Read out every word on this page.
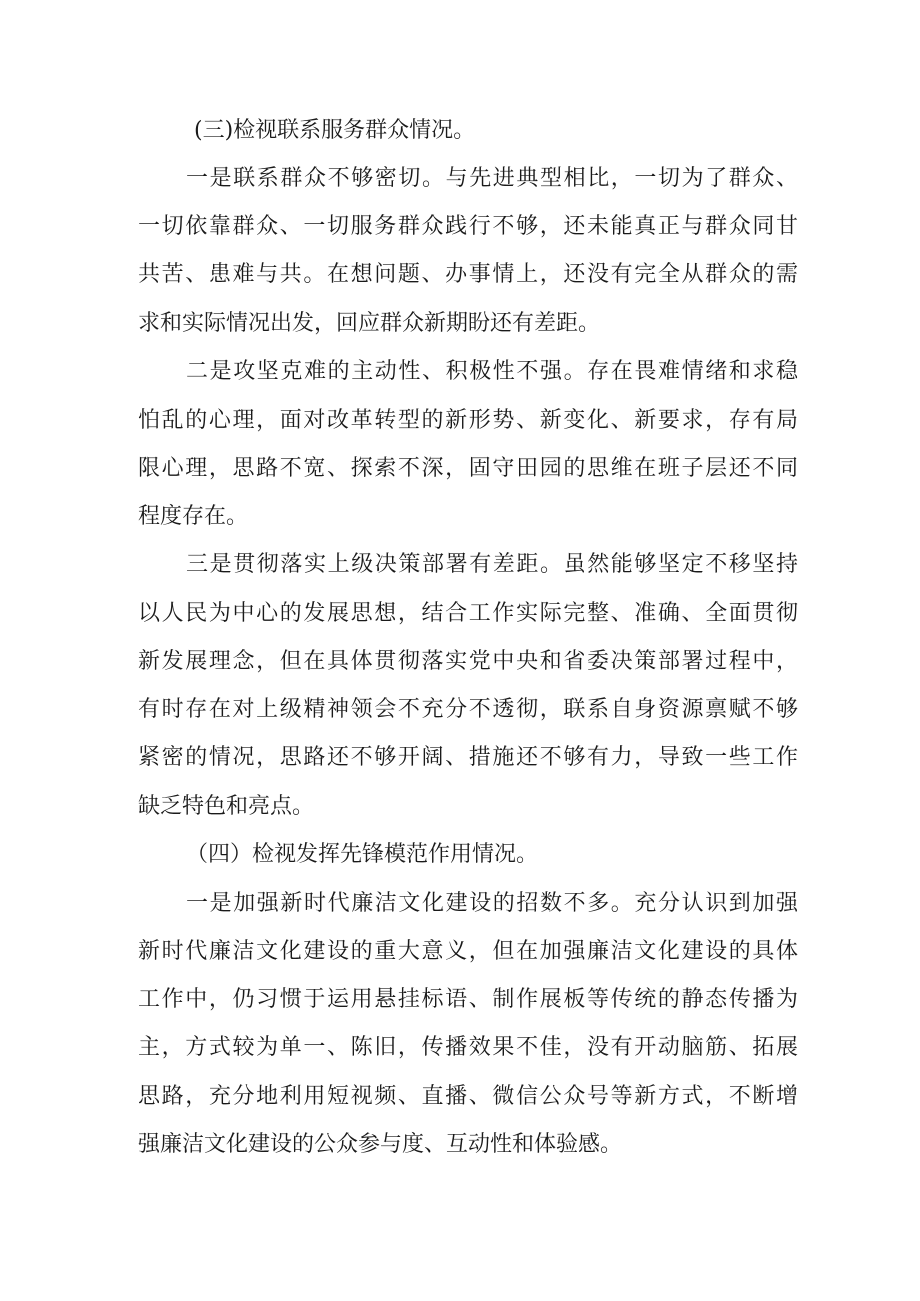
(三)检视联系服务群众情况。
一是联系群众不够密切。与先进典型相比，一切为了群众、
一切依靠群众、一切服务群众践行不够，还未能真正与群众同甘
共苦、患难与共。在想问题、办事情上，还没有完全从群众的需
求和实际情况出发，回应群众新期盼还有差距。
二是攻坚克难的主动性、积极性不强。存在畏难情绪和求稳
怕乱的心理，面对改革转型的新形势、新变化、新要求，存有局
限心理，思路不宽、探索不深，固守田园的思维在班子层还不同
程度存在。
三是贯彻落实上级决策部署有差距。虽然能够坚定不移坚持
以人民为中心的发展思想，结合工作实际完整、准确、全面贯彻
新发展理念，但在具体贯彻落实党中央和省委决策部署过程中，
有时存在对上级精神领会不充分不透彻，联系自身资源禀赋不够
紧密的情况，思路还不够开阔、措施还不够有力，导致一些工作
缺乏特色和亮点。
（四）检视发挥先锋模范作用情况。
一是加强新时代廉洁文化建设的招数不多。充分认识到加强
新时代廉洁文化建设的重大意义，但在加强廉洁文化建设的具体
工作中，仍习惯于运用悬挂标语、制作展板等传统的静态传播为
主，方式较为单一、陈旧，传播效果不佳，没有开动脑筋、拓展
思路，充分地利用短视频、直播、微信公众号等新方式，不断增
强廉洁文化建设的公众参与度、互动性和体验感。
